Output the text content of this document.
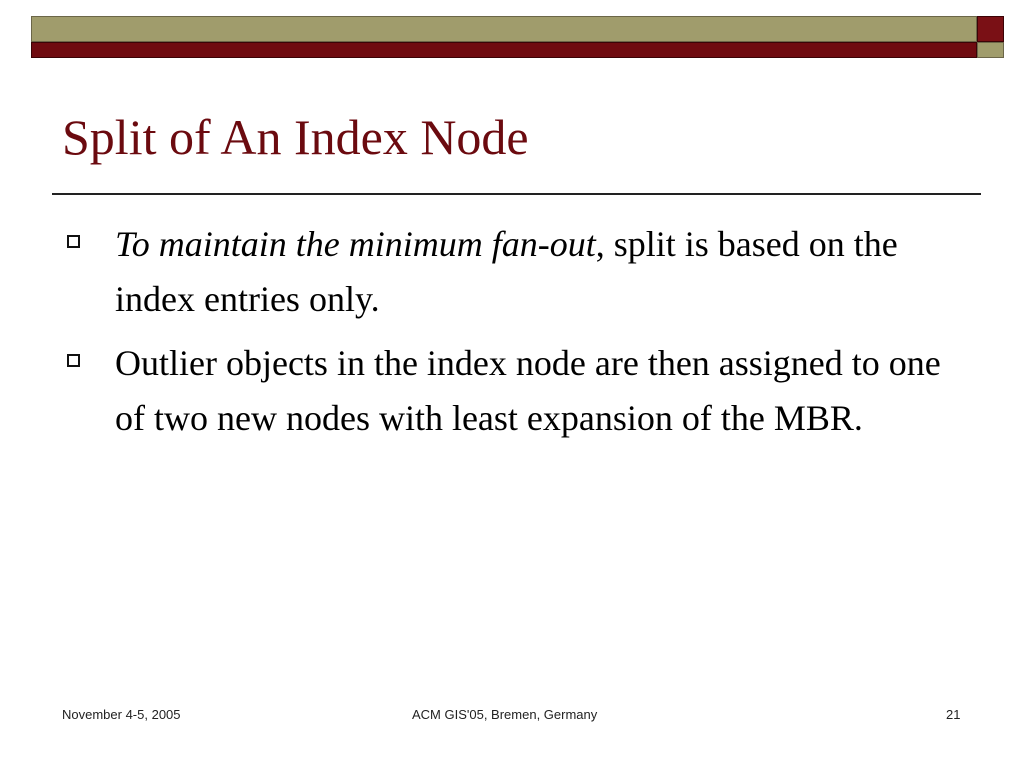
Split of An Index Node
To maintain the minimum fan-out, split is based on the index entries only.
Outlier objects in the index node are then assigned to one of two new nodes with least expansion of the MBR.
November 4-5, 2005	ACM GIS'05, Bremen, Germany	21
